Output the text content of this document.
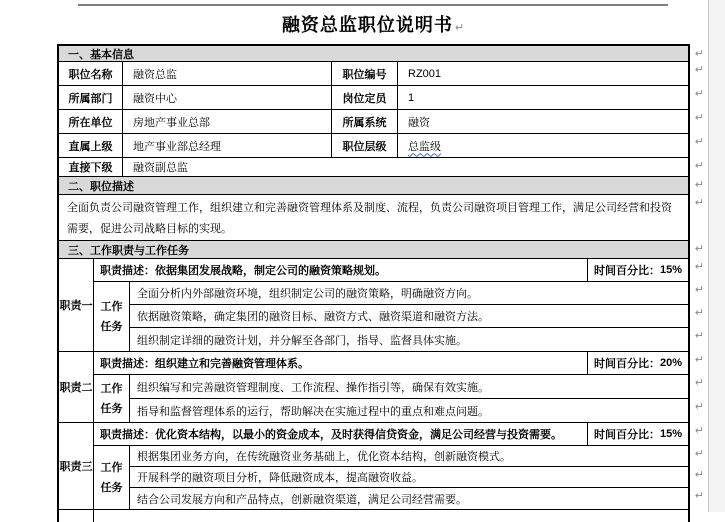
融资总监职位说明书 ↵
一、基本信息	↵
职位名称	融资总监	职位编号	RZ001	↵
所属部门	融资中心	岗位定员	1	↵
所在单位	房地产事业总部	所属系统	融资	↵
直属上级	地产事业部总经理	职位层级	总监级	↵
直接下级	融资副总监	↵
二、职位描述	↵
全面负责公司融资管理工作，组织建立和完善融资管理体系及制度、流程，负责公司融资项目管理工作，满足公司经营和投资需要，促进公司战略目标的实现。
↵
三、工作职责与工作任务	↵
职责一
职责描述： 依据集团发展战略，制定公司的融资策略规划。	时间百分比： 15% ↵
工作任务
全面分析内外部融资环境，组织制定公司的融资策略，明确融资方向。	↵
依据融资策略，确定集团的融资目标、融资方式、融资渠道和融资方法。	↵
组织制定详细的融资计划，并分解至各部门，指导、监督具体实施。	↵
职责二
职责描述： 组织建立和完善融资管理体系。	时间百分比： 20% ↵
工作任务
组织编写和完善融资管理制度、工作流程、操作指引等，确保有效实施。	↵
指导和监督管理体系的运行，帮助解决在实施过程中的重点和难点问题。	↵
职责三
职责描述： 优化资本结构，以最小的资金成本，及时获得信贷资金，满足公司经营与投资需要。	时间百分比： 15% ↵
工作任务
根据集团业务方向，在传统融资业务基础上，优化资本结构，创新融资模式。	↵
开展科学的融资项目分析，降低融资成本，提高融资收益。	↵
结合公司发展方向和产品特点，创新融资渠道，满足公司经营需要。	↵
